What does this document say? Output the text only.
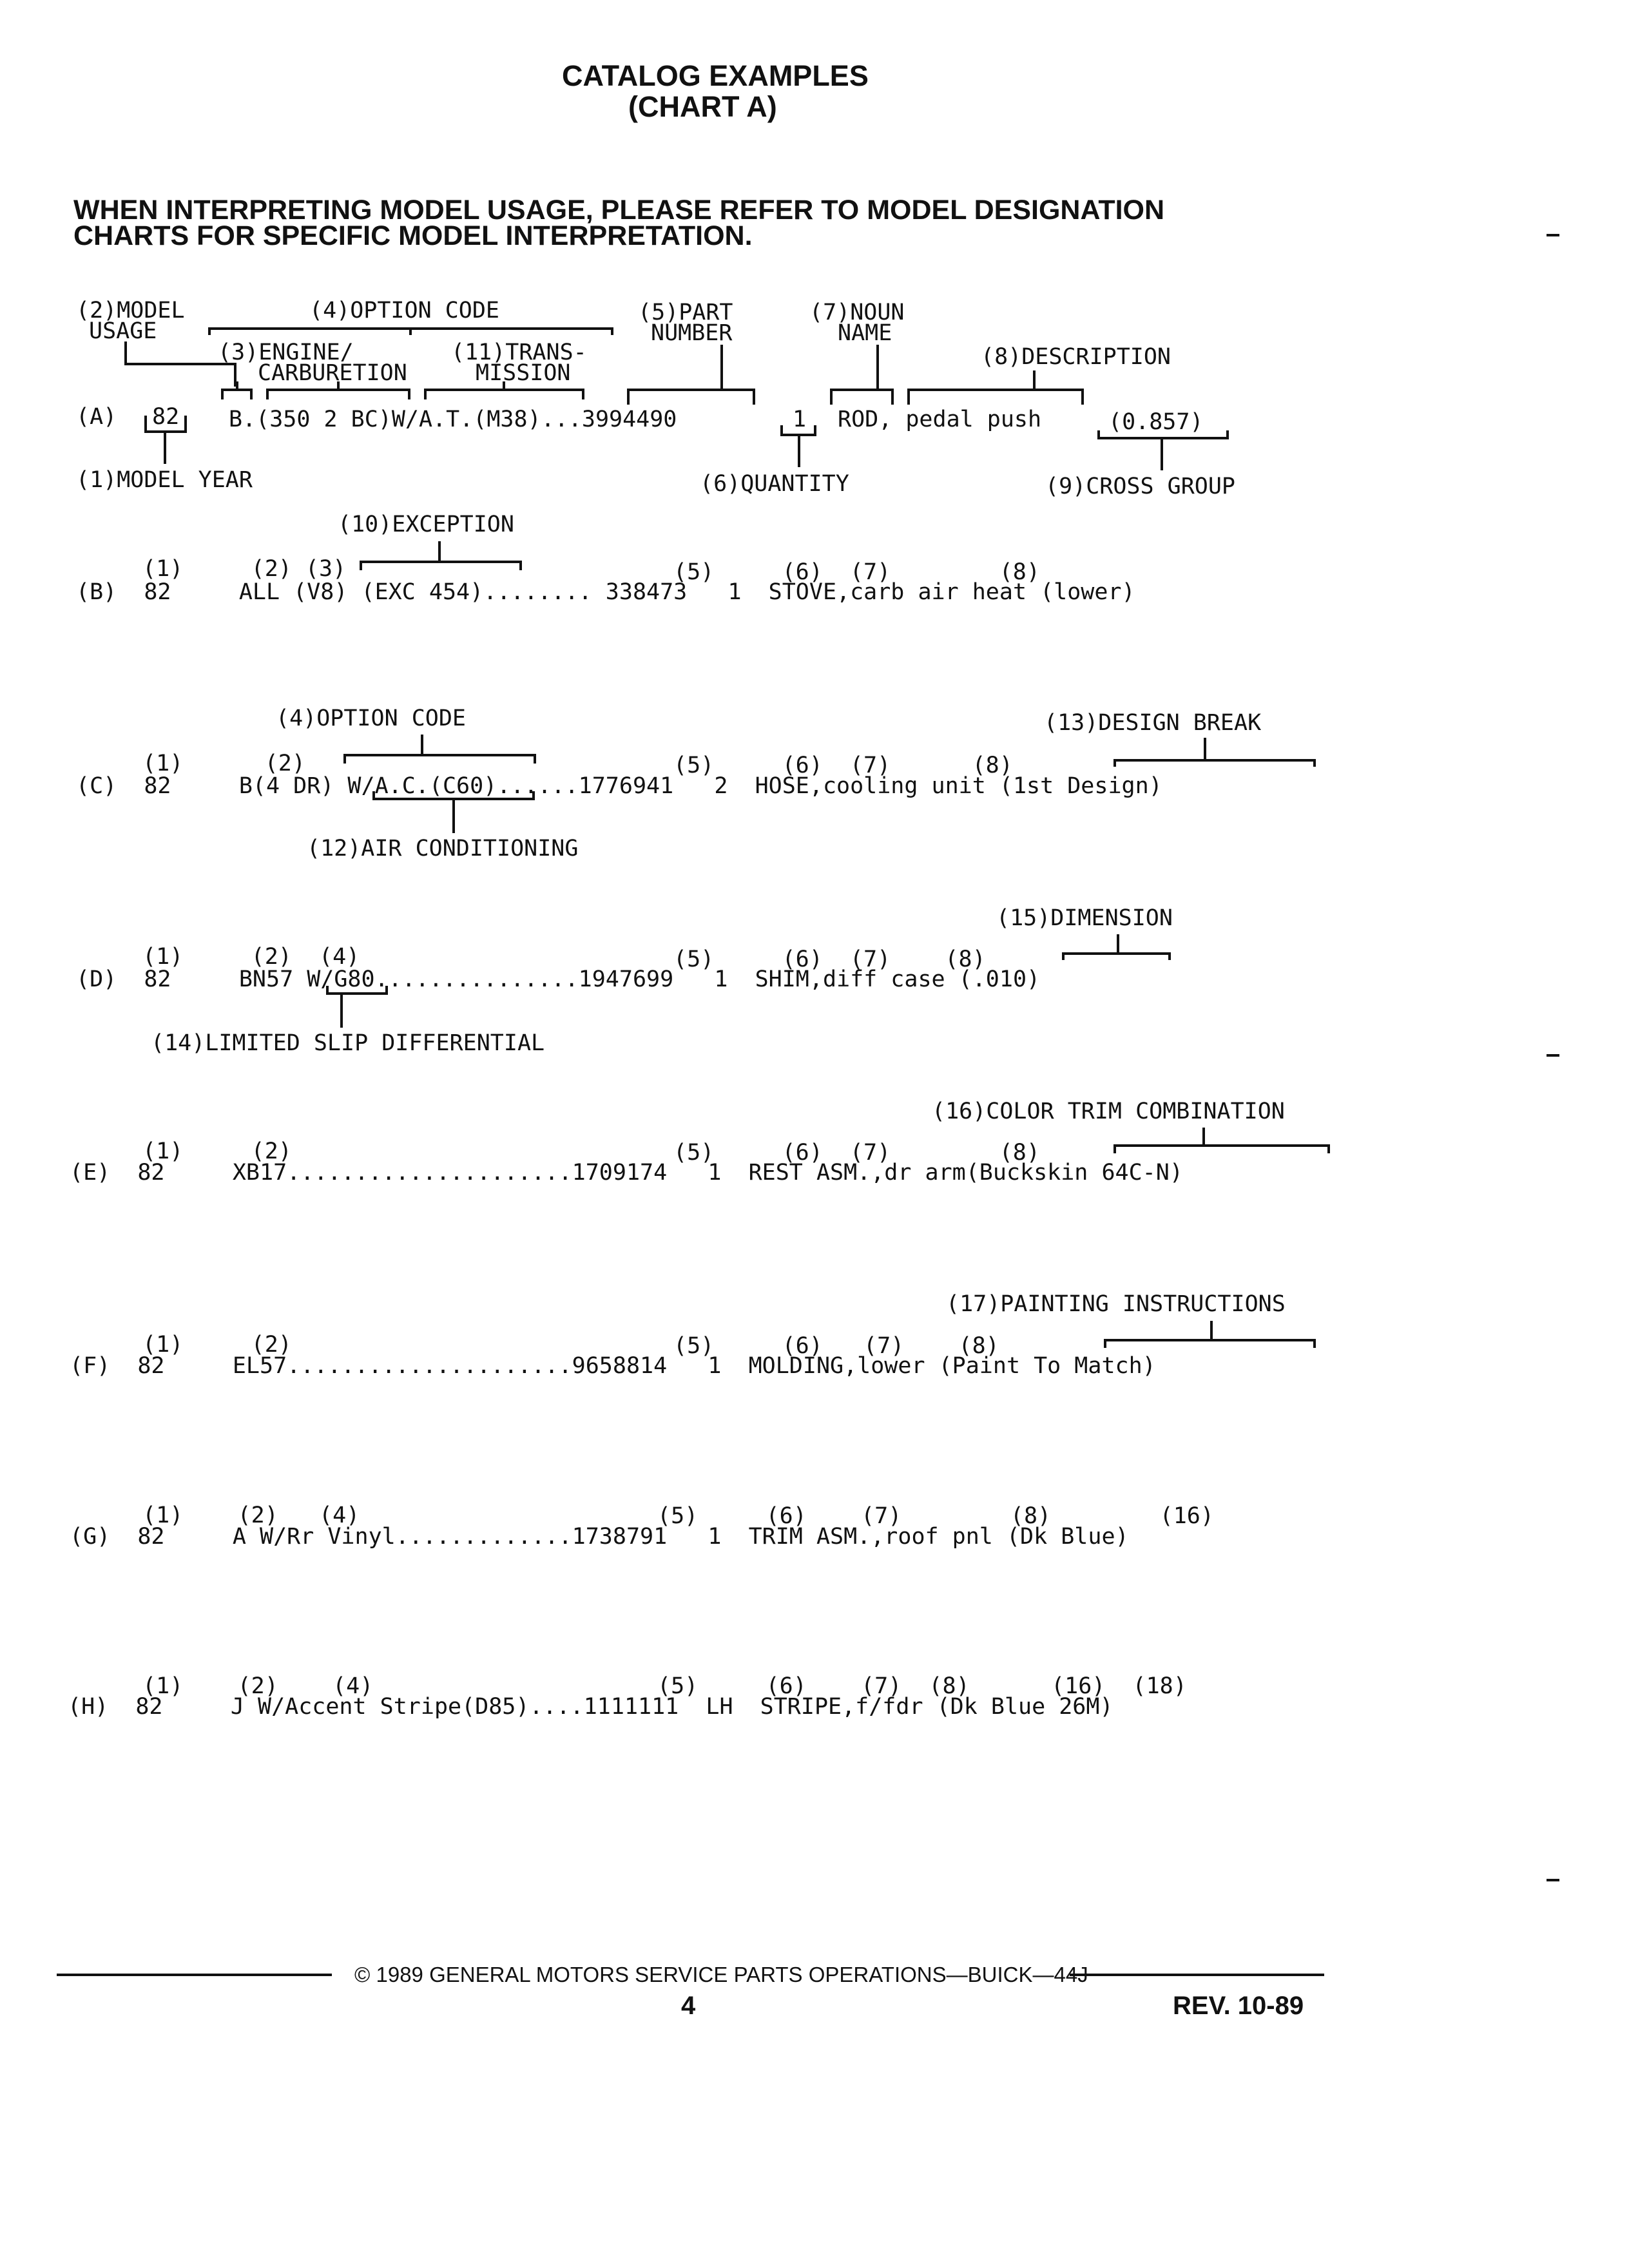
CATALOG EXAMPLES
(CHART A)
WHEN INTERPRETING MODEL USAGE, PLEASE REFER TO MODEL DESIGNATION
CHARTS FOR SPECIFIC MODEL INTERPRETATION.
(2)MODEL
USAGE
(4)OPTION CODE
(3)ENGINE/
CARBURETION
(11)TRANS-
MISSION
(5)PART
NUMBER
(7)NOUN
NAME
(8)DESCRIPTION
(A) 82 B.(350 2 BC)W/A.T.(M38)...3994490	1 ROD, pedal push	(0.857)
(1)MODEL YEAR	(6)QUANTITY	(9)CROSS GROUP
(10)EXCEPTION
(1)     (2) (3)	(5)     (6)  (7)        (8)
(B)  82     ALL (V8) (EXC 454)........ 338473   1  STOVE,carb air heat (lower)
(4)OPTION CODE	(13)DESIGN BREAK
(1)      (2)	(5)     (6)  (7)      (8)
(C)  82     B(4 DR) W/A.C.(C60)......1776941   2  HOSE,cooling unit (1st Design)
(12)AIR CONDITIONING
(15)DIMENSION
(1)     (2)  (4)	(5)     (6)  (7)    (8)
(D)  82     BN57 W/G80...............1947699   1  SHIM,diff case (.010)
(14)LIMITED SLIP DIFFERENTIAL
(16)COLOR TRIM COMBINATION
(1)     (2)	(5)     (6)  (7)        (8)
(E)  82     XB17.....................1709174   1  REST ASM.,dr arm(Buckskin 64C-N)
(17)PAINTING INSTRUCTIONS
(1)     (2)	(5)     (6)   (7)    (8)
(F)  82     EL57.....................9658814   1  MOLDING,lower (Paint To Match)
(1)    (2)   (4)	(5)     (6)    (7)        (8)        (16)
(G)  82     A W/Rr Vinyl.............1738791   1  TRIM ASM.,roof pnl (Dk Blue)
(1)    (2)    (4)	(5)     (6)    (7)  (8)      (16)  (18)
(H)  82     J W/Accent Stripe(D85)....1111111  LH  STRIPE,f/fdr (Dk Blue 26M)
© 1989 GENERAL MOTORS SERVICE PARTS OPERATIONS—BUICK—44J
4	REV. 10-89
